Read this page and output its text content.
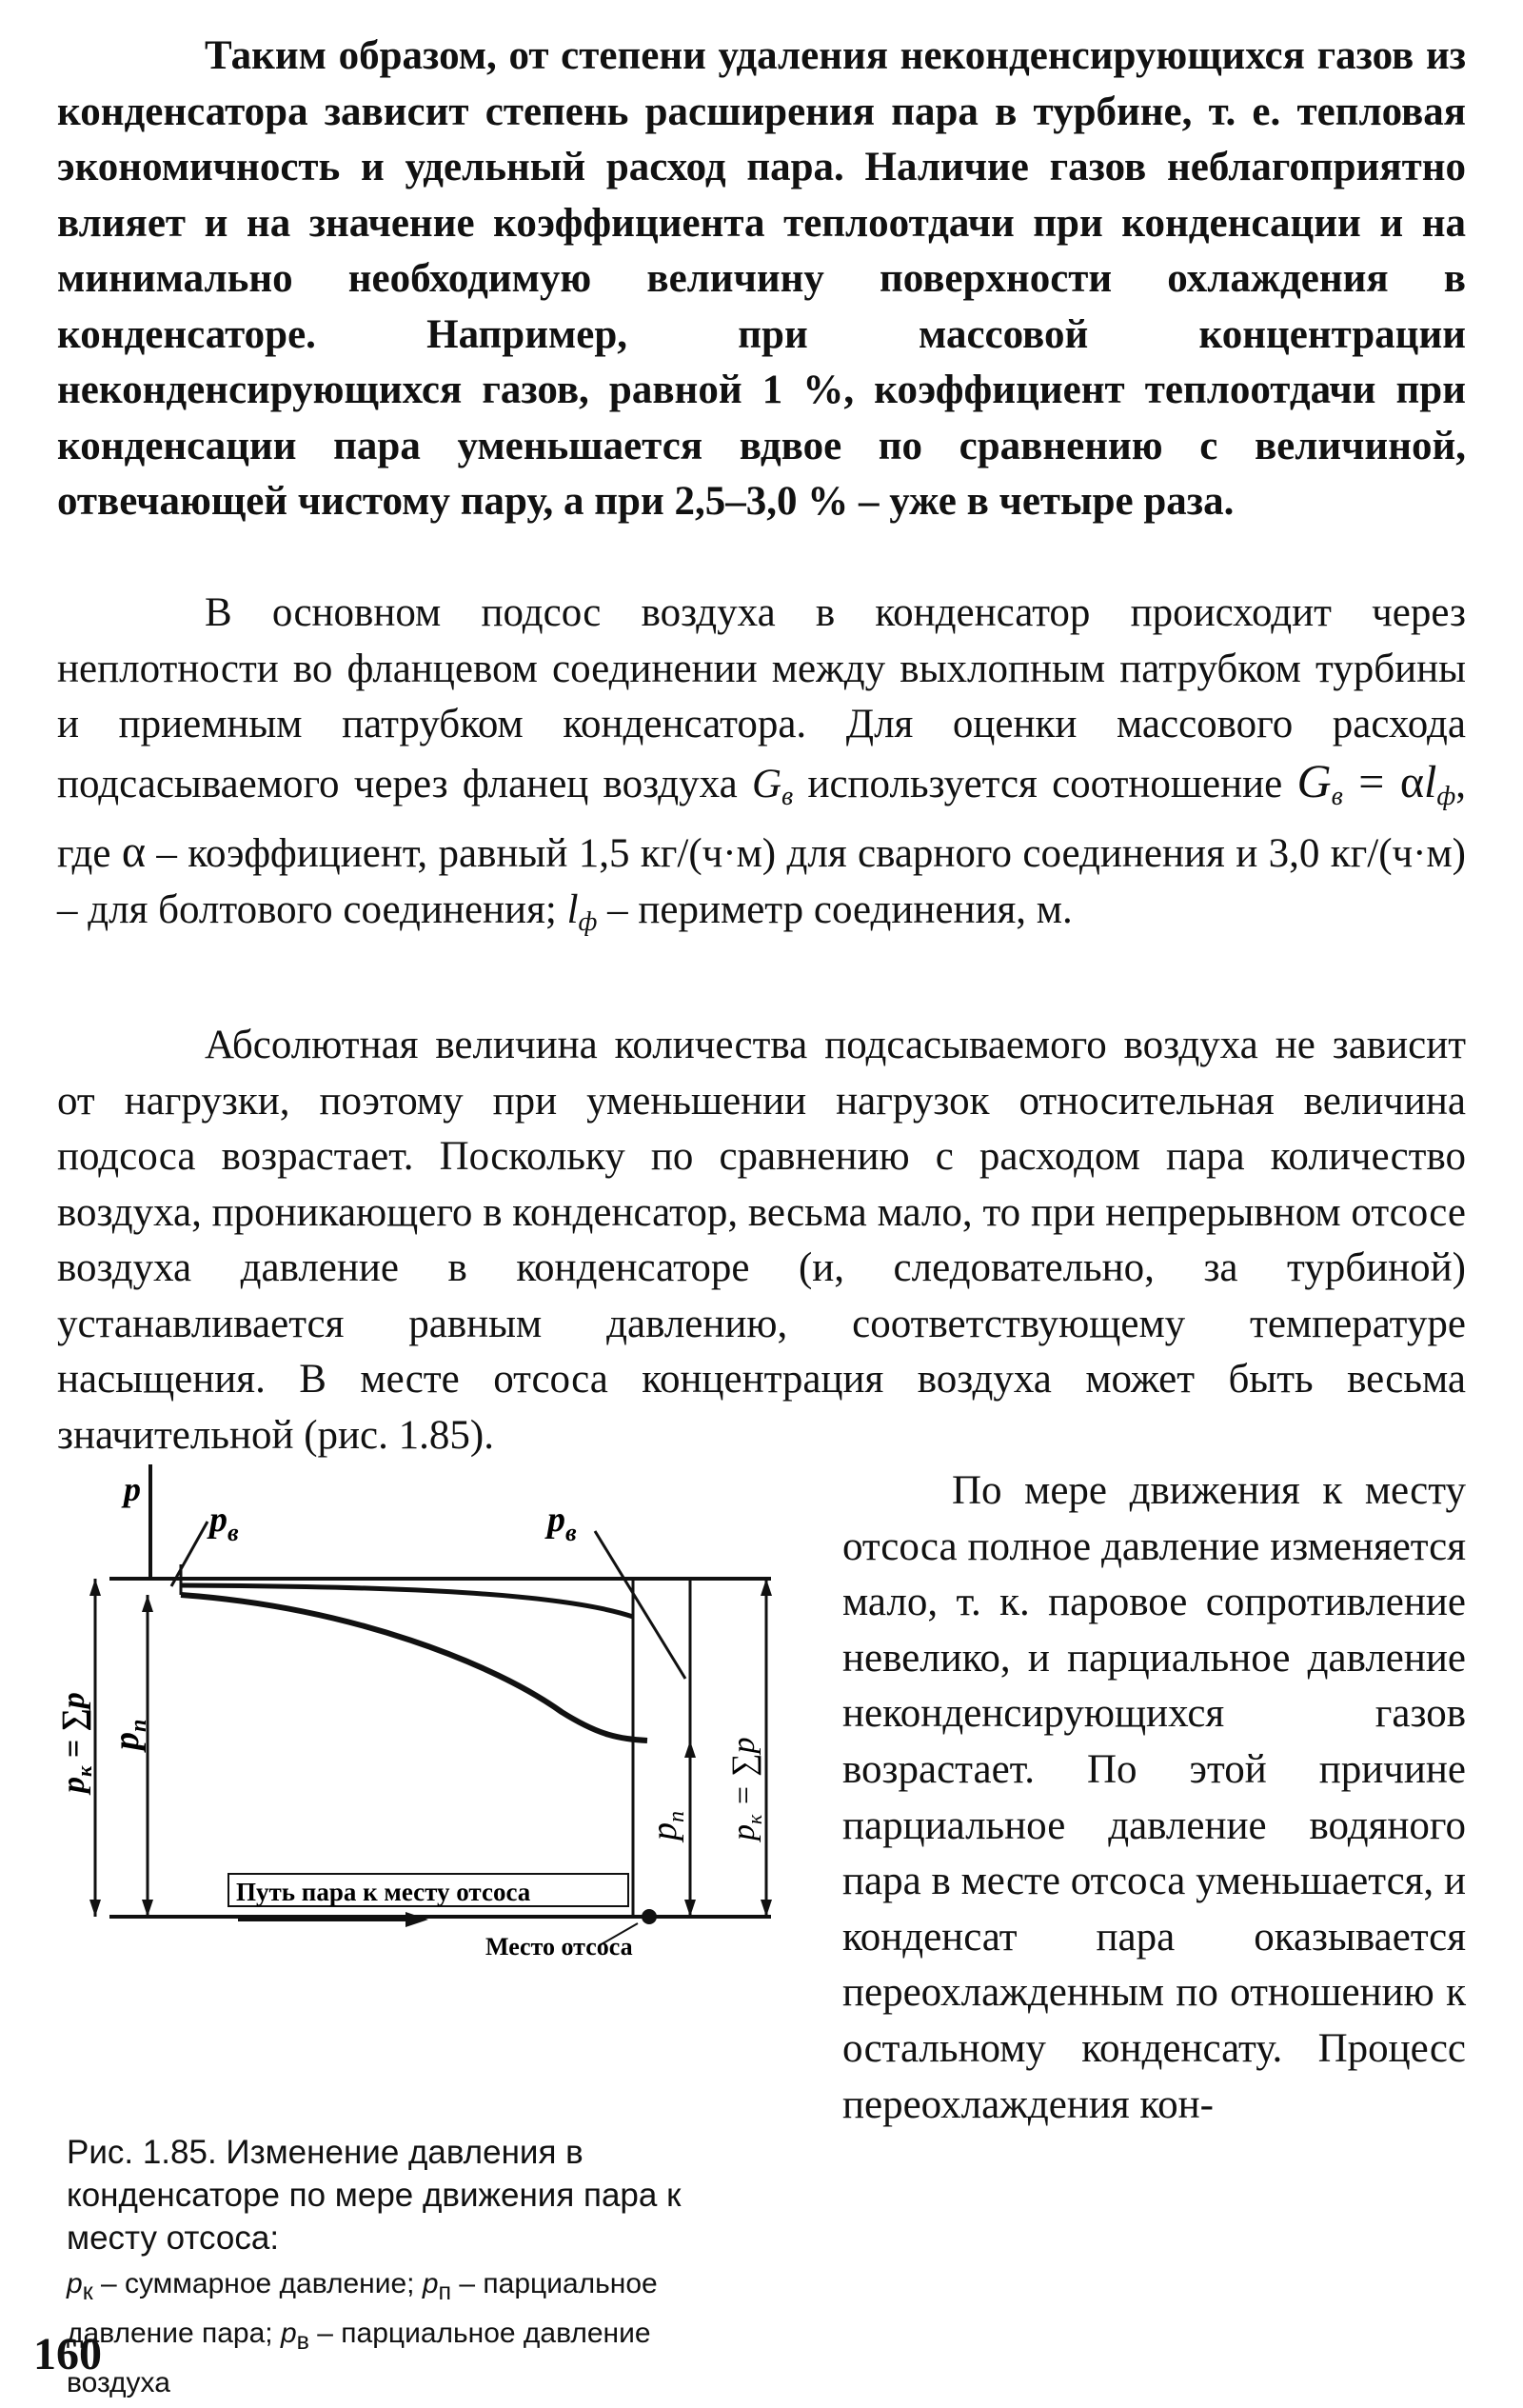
Таким образом, от степени удаления неконденсирующихся газов из конденсатора зависит степень расширения пара в турбине, т. е. тепловая экономичность и удельный расход пара. Наличие газов неблагоприятно влияет и на значение коэффициента теплоотдачи при конденсации и на минимально необходимую величину поверхности охлаждения в конденсаторе. Например, при массовой концентрации неконденсирующихся газов, равной 1 %, коэффициент теплоотдачи при конденсации пара уменьшается вдвое по сравнению с величиной, отвечающей чистому пару, а при 2,5–3,0 % – уже в четыре раза.

В основном подсос воздуха в конденсатор происходит через неплотности во фланцевом соединении между выхлопным патрубком турбины и приемным патрубком конденсатора. Для оценки массового расхода подсасываемого через фланец воздуха $G_в$ используется соотношение $G_в = \alpha l_ф$, где α – коэффициент, равный 1,5 кг/(ч·м) для сварного соединения и 3,0 кг/(ч·м) – для болтового соединения; $l_ф$ – периметр соединения, м.

Абсолютная величина количества подсасываемого воздуха не зависит от нагрузки, поэтому при уменьшении нагрузок относительная величина подсоса возрастает. Поскольку по сравнению с расходом пара количество воздуха, проникающего в конденсатор, весьма мало, то при непрерывном отсосе воздуха давление в конденсаторе (и, следовательно, за турбиной) устанавливается равным давлению, соответствующему температуре насыщения. В месте отсоса концентрация воздуха может быть весьма значительной (рис. 1.85).

p
$p_в$	$p_в$
$p_к = \sum p$ $p_п$
$p_п$
$p_к = \sum p$
Путь пара к месту отсоса
Место отсоса
По мере движения к месту отсоса полное давление изменяется мало, т. к. паровое сопротивление невелико, и парциальное давление неконденсирующихся газов возрастает. По этой причине парциальное давление водяного пара в месте отсоса уменьшается, и конденсат пара оказывается переохлажденным по отношению к остальному конденсату. Процесс переохлаждения кон-
Рис. 1.85. Изменение давления в конденсаторе по мере движения пара к месту отсоса:
$p_к$ – суммарное давление; $p_п$ – парциальное давление пара; $p_в$ – парциальное давление воздуха
160
